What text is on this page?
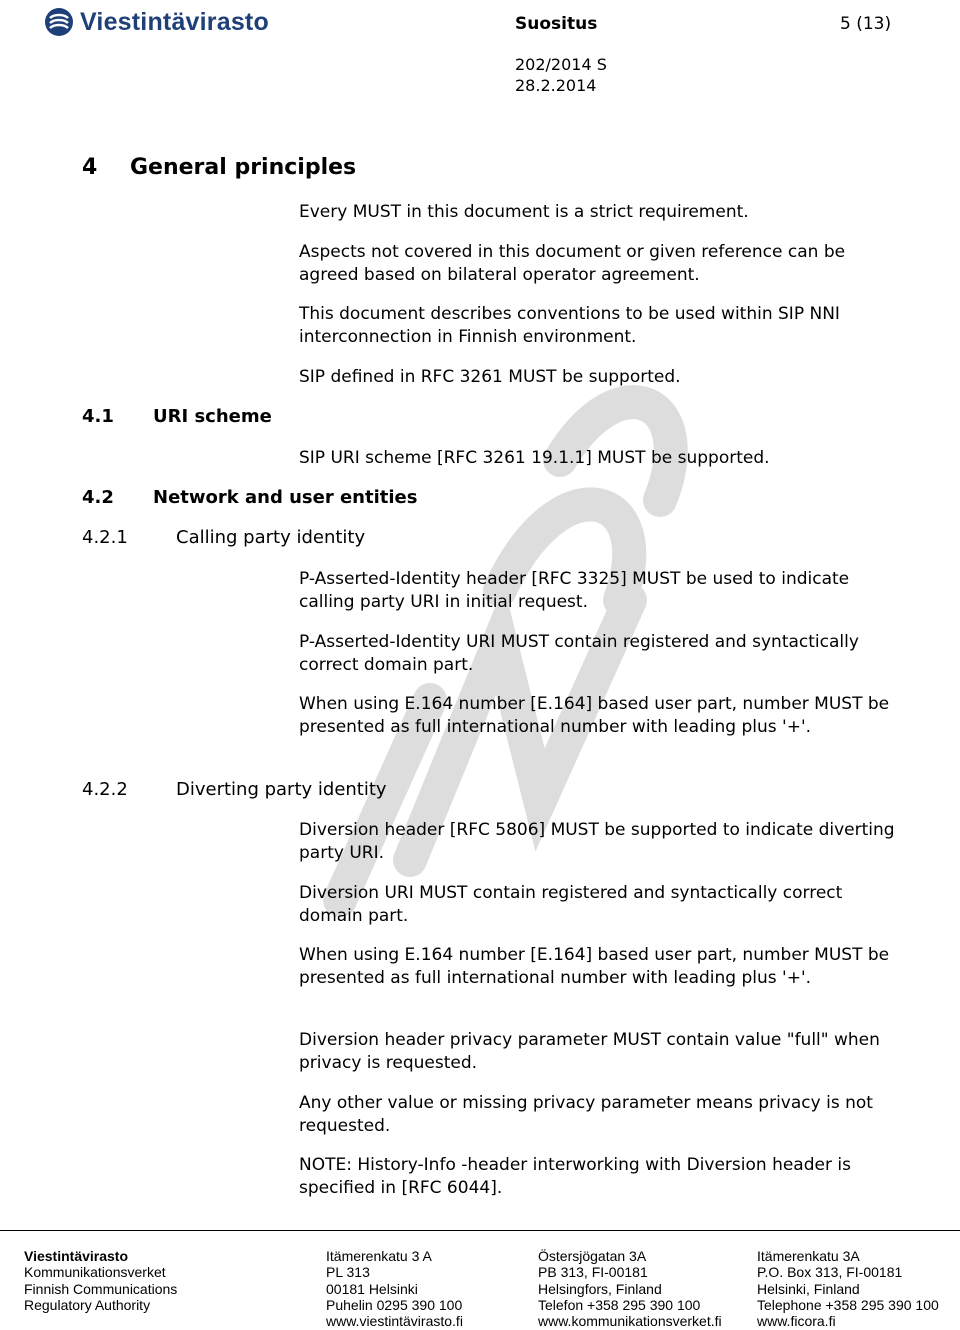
Viestintävirasto	Suositus	5 (13)
202/2014 S
28.2.2014
4 General principles
Every MUST in this document is a strict requirement.
Aspects not covered in this document or given reference can be agreed based on bilateral operator agreement.
This document describes conventions to be used within SIP NNI interconnection in Finnish environment.
SIP defined in RFC 3261 MUST be supported.
4.1 URI scheme
SIP URI scheme [RFC 3261 19.1.1] MUST be supported.
4.2 Network and user entities
4.2.1	Calling party identity
P-Asserted-Identity header [RFC 3325] MUST be used to indicate calling party URI in initial request.
P-Asserted-Identity URI MUST contain registered and syntactically correct domain part.
When using E.164 number [E.164] based user part, number MUST be presented as full international number with leading plus '+'.
4.2.2	Diverting party identity
Diversion header [RFC 5806] MUST be supported to indicate diverting party URI.
Diversion URI MUST contain registered and syntactically correct domain part.
When using E.164 number [E.164] based user part, number MUST be presented as full international number with leading plus '+'.
Diversion header privacy parameter MUST contain value "full" when privacy is requested.
Any other value or missing privacy parameter means privacy is not requested.
NOTE: History-Info -header interworking with Diversion header is specified in [RFC 6044].
Viestintävirasto
Kommunikationsverket
Finnish Communications
Regulatory Authority
Itämerenkatu 3 A
PL 313
00181 Helsinki
Puhelin 0295 390 100
www.viestintävirasto.fi
Östersjögatan 3A
PB 313, FI-00181
Helsingfors, Finland
Telefon +358 295 390 100
www.kommunikationsverket.fi
Itämerenkatu 3A
P.O. Box 313, FI-00181
Helsinki, Finland
Telephone +358 295 390 100
www.ficora.fi
